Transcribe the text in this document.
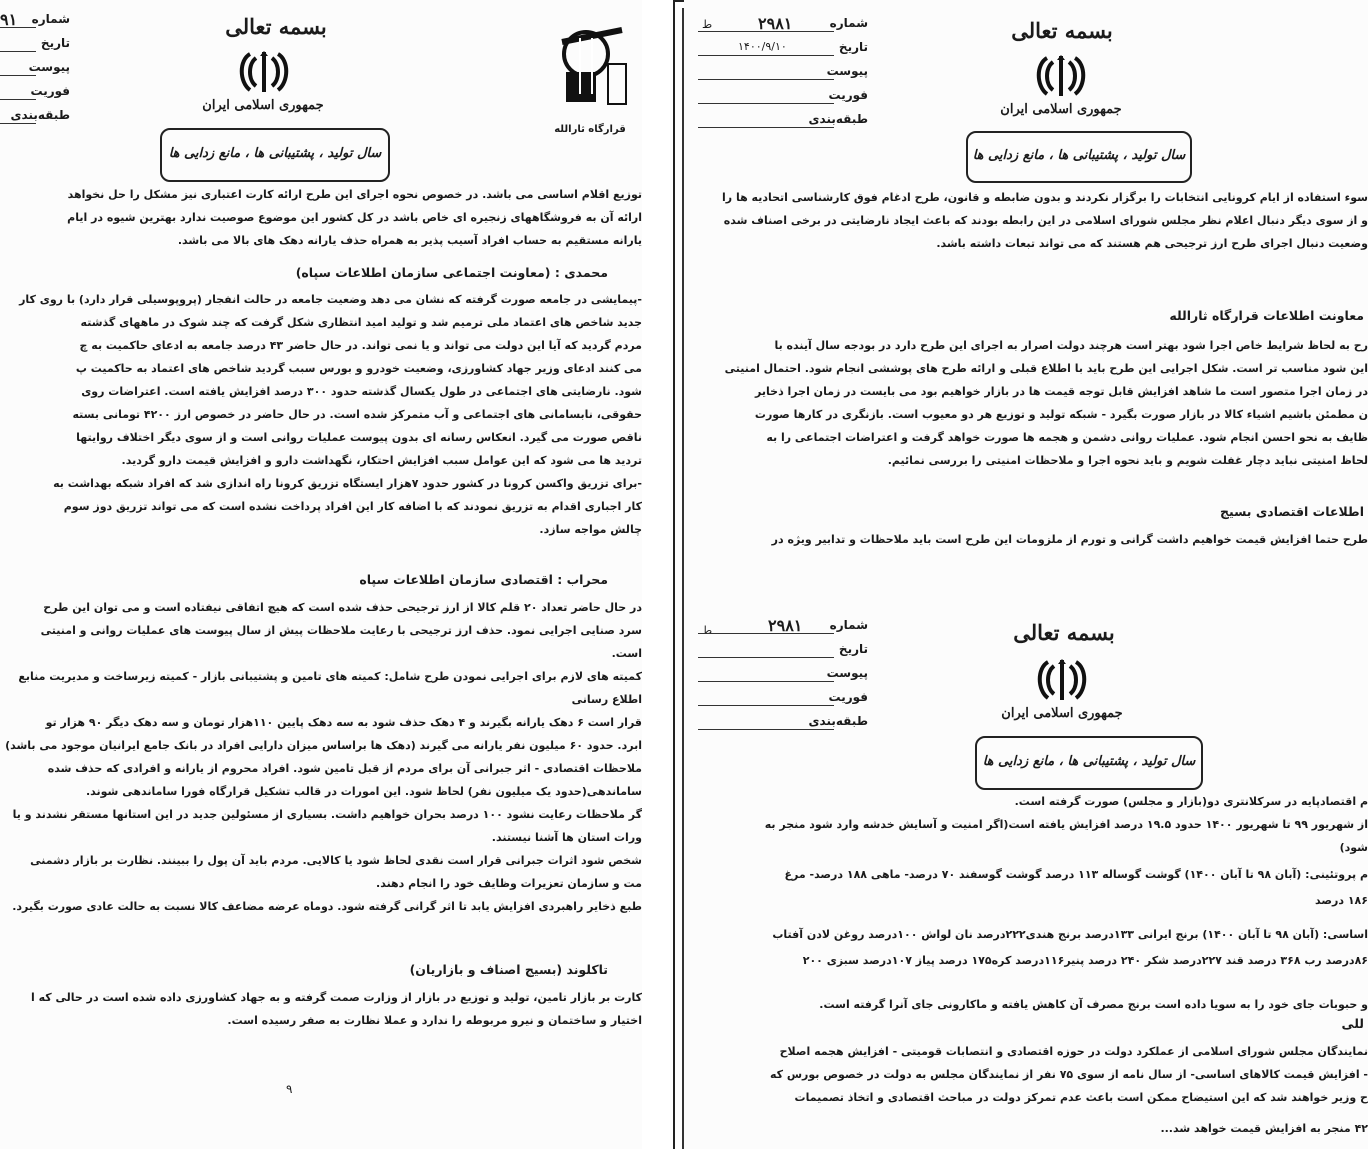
۹۱ شماره
تاریخ
پیوست
فوریت
طبقه‌بندی
بسمه تعالی
جمهوری اسلامی ایران
سال تولید ، پشتیبانی ها ، مانع زدایی ها
قرارگاه ثارالله
توزیع اقلام اساسی می باشد. در خصوص نحوه اجرای این طرح ارائه کارت اعتباری نیز مشکل را حل نخواهد
ارائه آن به فروشگاههای زنجیره ای خاص باشد در کل کشور این موضوع صوصیت ندارد بهترین شیوه در ایام
یارانه مستقیم به حساب افراد آسیب پذیر به همراه حذف یارانه دهک های بالا می باشد.
محمدی : (معاونت اجتماعی سازمان اطلاعات سپاه)
-پیمایشی در جامعه صورت گرفته که نشان می دهد وضعیت جامعه در حالت انفجار (پروپوسیلی قرار دارد) با روی کار
جدید شاخص های اعتماد ملی ترمیم شد و تولید امید انتظاری شکل گرفت که چند شوک در ماههای گذشته
مردم گردید که آیا این دولت می تواند و یا نمی تواند. در حال حاضر ۴۳ درصد جامعه به ادعای حاکمیت به چ
می کنند ادعای وزیر جهاد کشاورزی، وضعیت خودرو و بورس سبب گردید شاخص های اعتماد به حاکمیت پ
شود. نارضایتی های اجتماعی در طول یکسال گذشته حدود ۳۰۰ درصد افزایش یافته است. اعتراضات روی
حقوقی، نابسامانی های اجتماعی و آب متمرکز شده است. در حال حاضر در خصوص ارز ۴۲۰۰ تومانی بسته
ناقص صورت می گیرد. انعکاس رسانه ای بدون پیوست عملیات روانی است و از سوی دیگر اختلاف روایتها
تردید ها می شود که این عوامل سبب افزایش احتکار، نگهداشت دارو و افزایش قیمت دارو گردید.
-برای تزریق واکسن کرونا در کشور حدود ۷هزار ایستگاه تزریق کرونا راه اندازی شد که افراد شبکه بهداشت به
کار اجباری اقدام به تزریق نمودند که با اضافه کار این افراد پرداخت نشده است که می تواند تزریق دوز سوم
چالش مواجه سازد.
محراب : اقتصادی سازمان اطلاعات سپاه
در حال حاضر تعداد ۲۰ قلم کالا از ارز ترجیحی حذف شده است که هیچ اتفاقی نیفتاده است و می توان این طرح
سرد صنایی اجرایی نمود. حذف ارز ترجیحی با رعایت ملاحظات پیش از سال پیوست های عملیات روانی و امنیتی
است.
کمیته های لازم برای اجرایی نمودن طرح شامل: کمیته های تامین و پشتیبانی بازار - کمیته زیرساخت و مدیریت منابع
اطلاع رسانی
قرار است ۶ دهک یارانه بگیرند و ۴ دهک حذف شود به سه دهک پایین ۱۱۰هزار تومان و سه دهک دیگر ۹۰ هزار تو
ابرد. حدود ۶۰ میلیون نفر یارانه می گیرند (دهک ها براساس میزان دارایی افراد در بانک جامع ایرانیان موجود می باشد)
ملاحظات اقتصادی - اثر جبرانی آن برای مردم از قبل تامین شود. افراد محروم از یارانه و افرادی که حذف شده
ساماندهی(حدود یک میلیون نفر) لحاظ شود. این امورات در قالب تشکیل قرارگاه فورا ساماندهی شوند.
گر ملاحظات رعایت نشود ۱۰۰ درصد بحران خواهیم داشت. بسیاری از مسئولین جدید در این استانها مستقر نشدند و یا
ورات استان ها آشنا نیستند.
شخص شود اثرات جبرانی قرار است نقدی لحاظ شود یا کالایی. مردم باید آن پول را ببینند. نظارت بر بازار دشمنی
مت و سازمان تعزیرات وظایف خود را انجام دهند.
طبع ذخایر راهبردی افزایش یابد تا اثر گرانی گرفته شود. دوماه عرضه مضاعف کالا نسبت به حالت عادی صورت بگیرد.
تاکلوند (بسیج اصناف و بازاریان)
کارت بر بازار تامین، تولید و توزیع در بازار از وزارت صمت گرفته و به جهاد کشاورزی داده شده است در حالی که ا
اختیار و ساختمان و نیرو مربوطه را ندارد و عملا نظارت به صفر رسیده است.
۹
۲۹۸۱
ط	شماره
۱۴۰۰/۹/۱۰	تاریخ
پیوست
فوریت
طبقه‌بندی
بسمه تعالی
جمهوری اسلامی ایران
سال تولید ، پشتیبانی ها ، مانع زدایی ها
سوء استفاده از ایام کرونایی انتخابات را برگزار نکردند و بدون ضابطه و قانون، طرح ادغام فوق کارشناسی اتحادیه ها را
و از سوی دیگر دنبال اعلام نظر مجلس شورای اسلامی در این رابطه بودند که باعث ایجاد نارضایتی در برخی اصناف شده
وضعیت دنبال اجرای طرح ارز ترجیحی هم هستند که می تواند تبعات داشته باشد.
معاونت اطلاعات قرارگاه ثارالله
رح به لحاظ شرایط خاص اجرا شود بهتر است هرچند دولت اصرار به اجرای این طرح دارد در بودجه سال آینده با
این شود مناسب تر است. شکل اجرایی این طرح باید با اطلاع قبلی و ارائه طرح های پوششی انجام شود. احتمال امنیتی
در زمان اجرا متصور است ما شاهد افزایش قابل توجه قیمت ها در بازار خواهیم بود می بایست در زمان اجرا ذخایر
ن مطمئن باشیم اشیاء کالا در بازار صورت بگیرد - شبکه تولید و توزیع هر دو معیوب است. بازنگری در کارها صورت
ظایف به نحو احسن انجام شود. عملیات روانی دشمن و هجمه ها صورت خواهد گرفت و اعتراضات اجتماعی را به
لحاظ امنیتی نباید دچار غفلت شویم و باید نحوه اجرا و ملاحظات امنیتی را بررسی نمائیم.
اطلاعات اقتصادی بسیج
طرح حتما افزایش قیمت خواهیم داشت گرانی و تورم از ملزومات این طرح است باید ملاحظات و تدابیر ویژه در
۲۹۸۱
ط	شماره
تاریخ
پیوست
فوریت
طبقه‌بندی
بسمه تعالی
جمهوری اسلامی ایران
سال تولید ، پشتیبانی ها ، مانع زدایی ها
م اقتصادپایه در سرکلانتری دو(بازار و مجلس) صورت گرفته است.
از شهریور ۹۹ تا شهریور ۱۴۰۰ حدود ۱۹.۵ درصد افزایش یافته است(اگر امنیت و آسایش خدشه وارد شود منجر به
شود)
م پروتئینی: (آبان ۹۸ تا آبان ۱۴۰۰) گوشت گوساله ۱۱۳ درصد گوشت گوسفند ۷۰ درصد- ماهی ۱۸۸ درصد- مرغ
۱۸۶ درصد
اساسی: (آبان ۹۸ تا آبان ۱۴۰۰) برنج ایرانی ۱۳۳درصد برنج هندی۲۲۲درصد نان لواش ۱۰۰درصد روغن لادن آفتاب
۸۶درصد رب ۳۶۸ درصد قند ۲۲۷درصد شکر ۲۴۰ درصد پنیر۱۱۶درصد کره۱۷۵ درصد پیاز ۱۰۷درصد سبزی ۲۰۰
و حبوبات جای خود را به سویا داده است برنج مصرف آن کاهش یافته و ماکارونی جای آنرا گرفته است.
للی
نمایندگان مجلس شورای اسلامی از عملکرد دولت در حوزه اقتصادی و انتصابات قومیتی - افزایش هجمه اصلاح
- افزایش قیمت کالاهای اساسی- از سال نامه از سوی ۷۵ نفر از نمایندگان مجلس به دولت در خصوص بورس که
ح وزیر خواهند شد که این استیضاح ممکن است باعث عدم تمرکز دولت در مباحث اقتصادی و اتخاذ تصمیمات
۴۲ منجر به افزایش قیمت خواهد شد...
